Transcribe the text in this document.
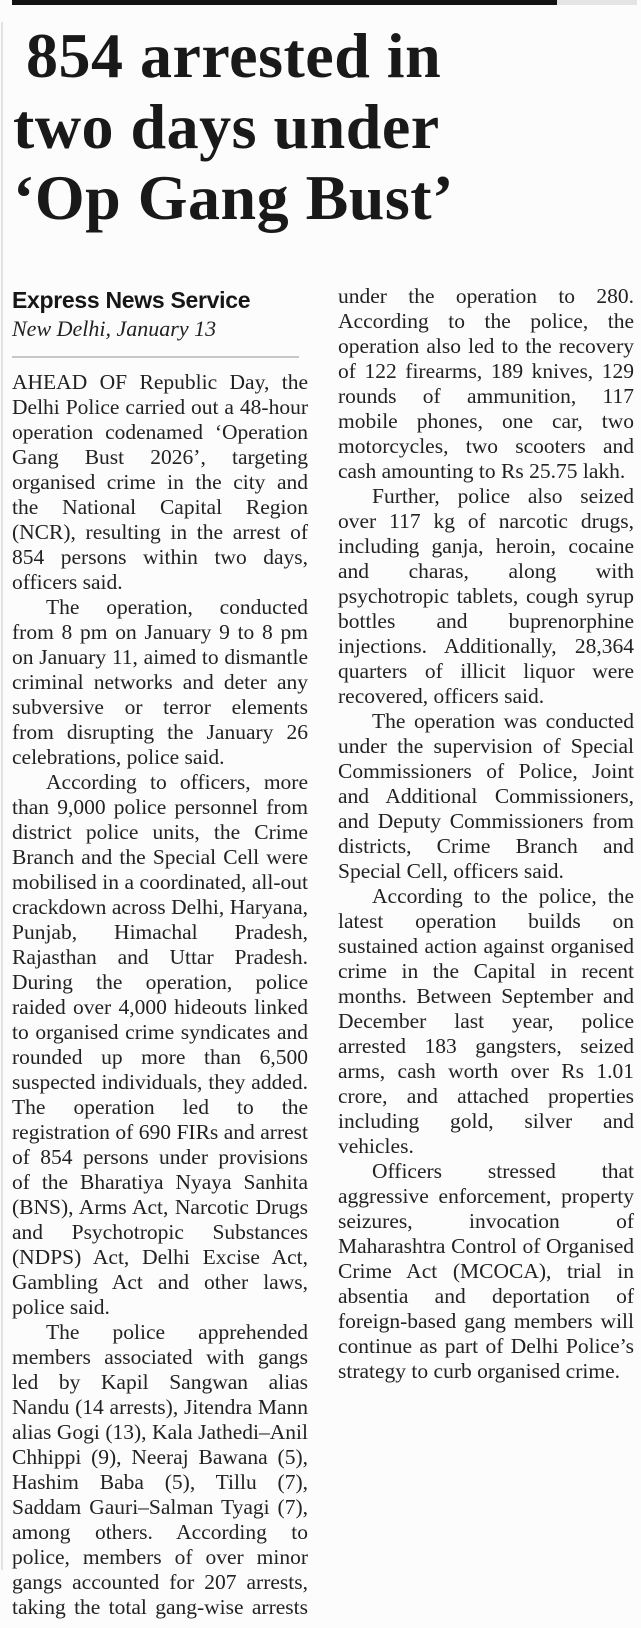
854 arrested in
two days under
‘Op Gang Bust’
Express News Service
New Delhi, January 13

AHEAD OF Republic Day, the Delhi Police carried out a 48-hour operation codenamed ‘Operation Gang Bust 2026’, targeting organised crime in the city and the National Capital Region (NCR), resulting in the arrest of 854 persons within two days, officers said.

The operation, conducted from 8 pm on January 9 to 8 pm on January 11, aimed to dismantle criminal networks and deter any subversive or terror elements from disrupting the January 26 celebrations, police said.

According to officers, more than 9,000 police personnel from district police units, the Crime Branch and the Special Cell were mobilised in a coordinated, all-out crackdown across Delhi, Haryana, Punjab, Himachal Pradesh, Rajasthan and Uttar Pradesh. During the operation, police raided over 4,000 hideouts linked to organised crime syndicates and rounded up more than 6,500 suspected individuals, they added. The operation led to the registration of 690 FIRs and arrest of 854 persons under provisions of the Bharatiya Nyaya Sanhita (BNS), Arms Act, Narcotic Drugs and Psychotropic Substances (NDPS) Act, Delhi Excise Act, Gambling Act and other laws, police said.

The police apprehended members associated with gangs led by Kapil Sangwan alias Nandu (14 arrests), Jitendra Mann alias Gogi (13), Kala Jathedi–Anil Chhippi (9), Neeraj Bawana (5), Hashim Baba (5), Tillu (7), Saddam Gauri–Salman Tyagi (7), among others. According to police, members of over minor gangs accounted for 207 arrests, taking the total gang-wise arrests under the operation to 280. According to the police, the operation also led to the recovery of 122 firearms, 189 knives, 129 rounds of ammunition, 117 mobile phones, one car, two motorcycles, two scooters and cash amounting to Rs 25.75 lakh.

Further, police also seized over 117 kg of narcotic drugs, including ganja, heroin, cocaine and charas, along with psychotropic tablets, cough syrup bottles and buprenorphine injections. Additionally, 28,364 quarters of illicit liquor were recovered, officers said.

The operation was conducted under the supervision of Special Commissioners of Police, Joint and Additional Commissioners, and Deputy Commissioners from districts, Crime Branch and Special Cell, officers said.

According to the police, the latest operation builds on sustained action against organised crime in the Capital in recent months. Between September and December last year, police arrested 183 gangsters, seized arms, cash worth over Rs 1.01 crore, and attached properties including gold, silver and vehicles.

Officers stressed that aggressive enforcement, property seizures, invocation of Maharashtra Control of Organised Crime Act (MCOCA), trial in absentia and deportation of foreign-based gang members will continue as part of Delhi Police’s strategy to curb organised crime.
